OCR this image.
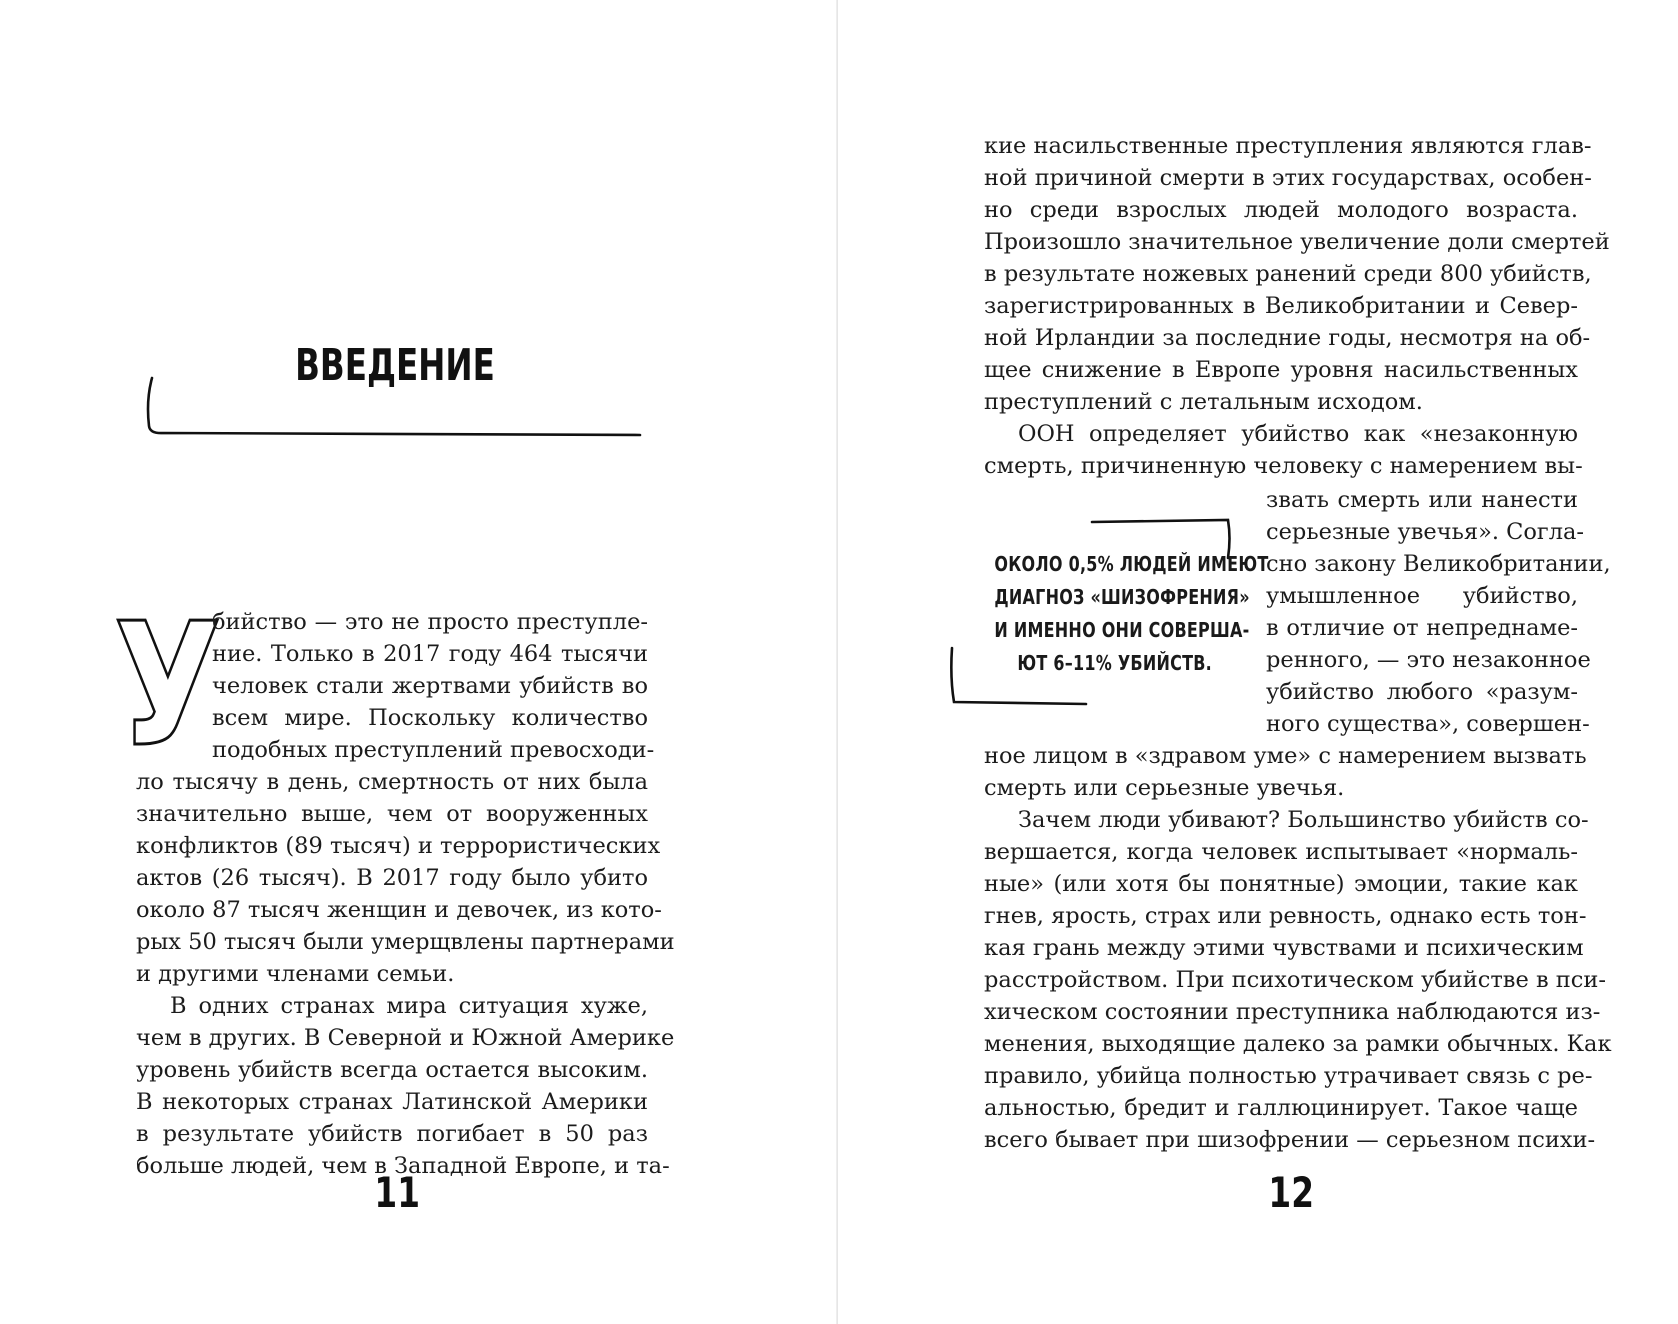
ВВЕДЕНИЕ
У
бийство — это не просто преступле-
ние. Только в 2017 году 464 тысячи
человек стали жертвами убийств во
всем мире. Поскольку количество
подобных преступлений превосходи-
ло тысячу в день, смертность от них была
значительно выше, чем от вооруженных
конфликтов (89 тысяч) и террористических
актов (26 тысяч). В 2017 году было убито
около 87 тысяч женщин и девочек, из кото-
рых 50 тысяч были умерщвлены партнерами
и другими членами семьи.
В одних странах мира ситуация хуже,
чем в других. В Северной и Южной Америке
уровень убийств всегда остается высоким.
В некоторых странах Латинской Америки
в результате убийств погибает в 50 раз
больше людей, чем в Западной Европе, и та-
11
кие насильственные преступления являются глав-
ной причиной смерти в этих государствах, особен-
но среди взрослых людей молодого возраста.
Произошло значительное увеличение доли смертей
в результате ножевых ранений среди 800 убийств,
зарегистрированных в Великобритании и Север-
ной Ирландии за последние годы, несмотря на об-
щее снижение в Европе уровня насильственных
преступлений с летальным исходом.
ООН определяет убийство как «незаконную
смерть, причиненную человеку с намерением вы-
звать смерть или нанести
серьезные увечья». Согла-
сно закону Великобритании,
умышленное убийство,
в отличие от непреднаме-
ренного, — это незаконное
убийство любого «разум-
ного существа», совершен-
ОКОЛО 0,5% ЛЮДЕЙ ИМЕЮТ
ДИАГНОЗ «ШИЗОФРЕНИЯ»
И ИМЕННО ОНИ СОВЕРША-
ЮТ 6–11% УБИЙСТВ.
ное лицом в «здравом уме» с намерением вызвать
смерть или серьезные увечья.
Зачем люди убивают? Большинство убийств со-
вершается, когда человек испытывает «нормаль-
ные» (или хотя бы понятные) эмоции, такие как
гнев, ярость, страх или ревность, однако есть тон-
кая грань между этими чувствами и психическим
расстройством. При психотическом убийстве в пси-
хическом состоянии преступника наблюдаются из-
менения, выходящие далеко за рамки обычных. Как
правило, убийца полностью утрачивает связь с ре-
альностью, бредит и галлюцинирует. Такое чаще
всего бывает при шизофрении — серьезном психи-
12
